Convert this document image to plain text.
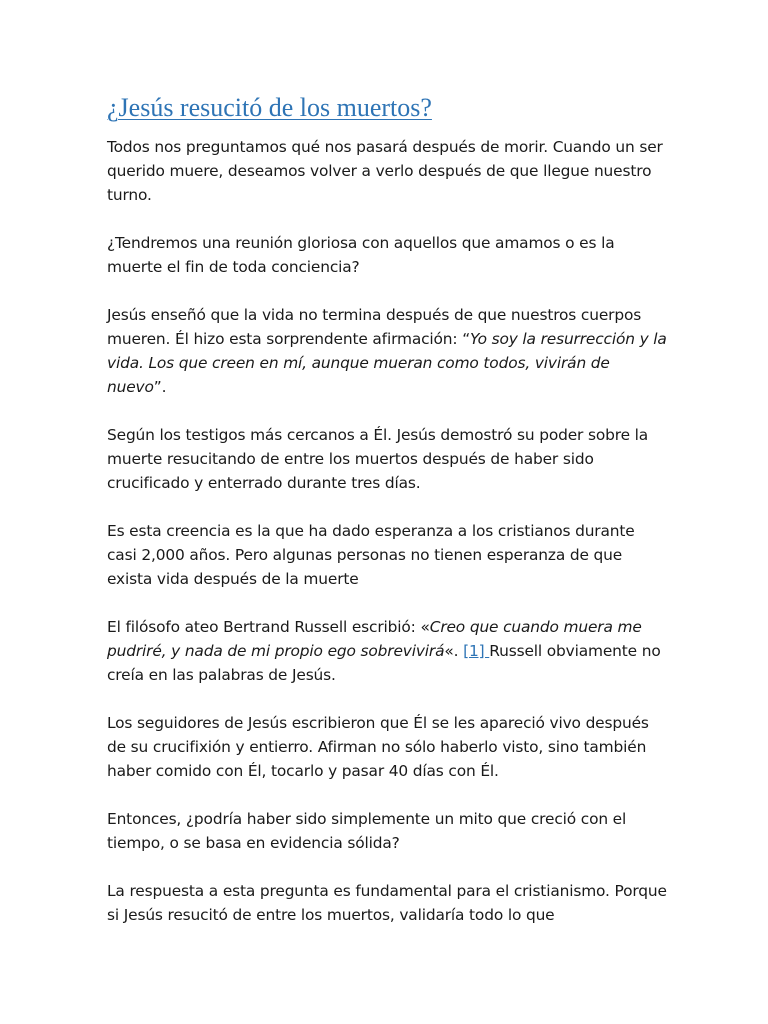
¿Jesús resucitó de los muertos?

Todos nos preguntamos qué nos pasará después de morir. Cuando un ser querido muere, deseamos volver a verlo después de que llegue nuestro turno.

¿Tendremos una reunión gloriosa con aquellos que amamos o es la muerte el fin de toda conciencia?

Jesús enseñó que la vida no termina después de que nuestros cuerpos mueren. Él hizo esta sorprendente afirmación: “Yo soy la resurrección y la vida. Los que creen en mí, aunque mueran como todos, vivirán de nuevo”.

Según los testigos más cercanos a Él. Jesús demostró su poder sobre la muerte resucitando de entre los muertos después de haber sido crucificado y enterrado durante tres días.

Es esta creencia es la que ha dado esperanza a los cristianos durante casi 2,000 años. Pero algunas personas no tienen esperanza de que exista vida después de la muerte

El filósofo ateo Bertrand Russell escribió: «Creo que cuando muera me pudriré, y nada de mi propio ego sobrevivirá«. [1] Russell obviamente no creía en las palabras de Jesús.

Los seguidores de Jesús escribieron que Él se les apareció vivo después de su crucifixión y entierro. Afirman no sólo haberlo visto, sino también haber comido con Él, tocarlo y pasar 40 días con Él.

Entonces, ¿podría haber sido simplemente un mito que creció con el tiempo, o se basa en evidencia sólida?

La respuesta a esta pregunta es fundamental para el cristianismo. Porque si Jesús resucitó de entre los muertos, validaría todo lo que
